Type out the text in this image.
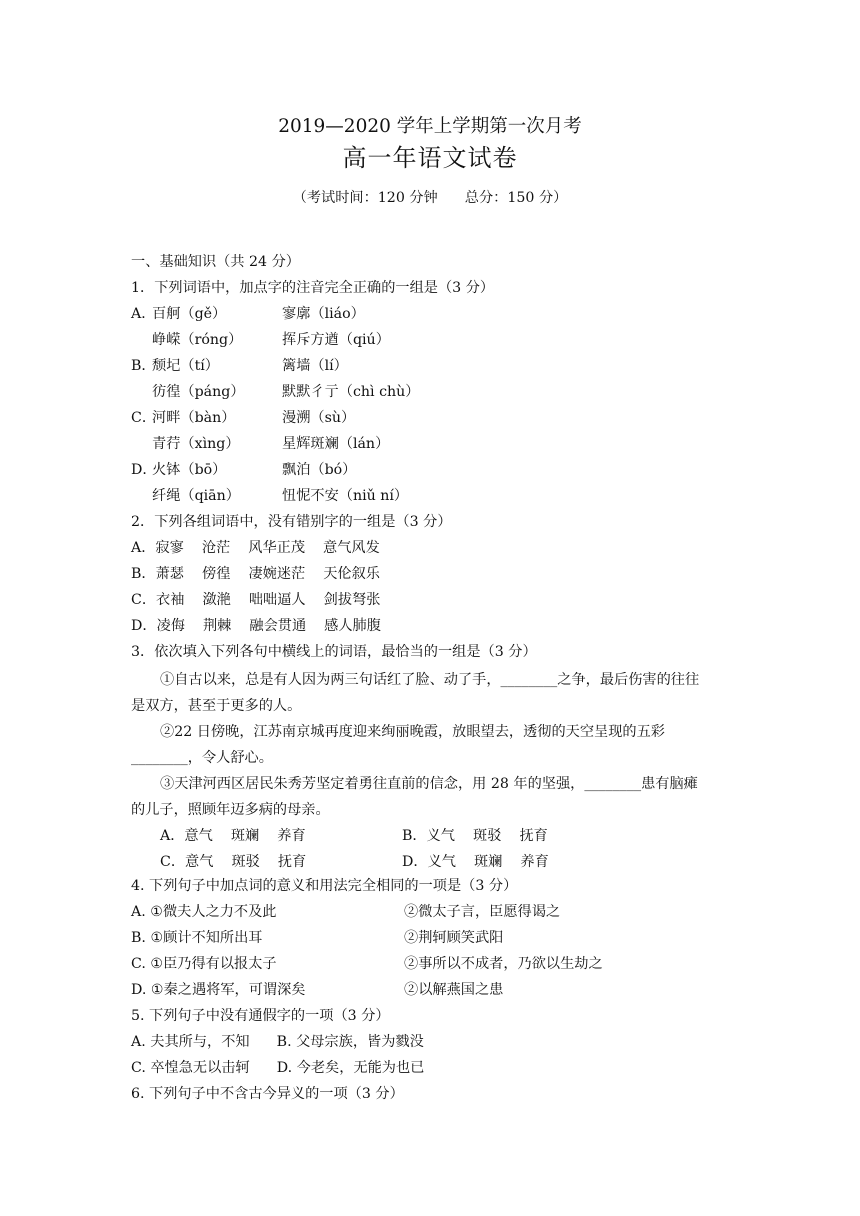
2019—2020 学年上学期第一次月考
高一年语文试卷
（考试时间：120 分钟      总分：150 分）
一、基础知识（共 24 分）
1．下列词语中，加点字的注音完全正确的一组是（3 分）
A．
百舸（gě）	寥廓（liáo）
峥嵘（róng）	挥斥方遒（qiú）
B．
颓圮（tí）	篱墙（lí）
彷徨（páng）	默默彳亍（chì chù）
C．
河畔（bàn）	漫溯（sù）
青荇（xìng）	星辉斑斓（lán）
D．
火钵（bō）	飘泊（bó）
纤绳（qiān）	忸怩不安（niǔ ní）
2．下列各组词语中，没有错别字的一组是（3 分）
A．寂寥    沧茫    风华正茂    意气风发
B．萧瑟    傍徨    凄婉迷茫    天伦叙乐
C．衣袖    潋滟    咄咄逼人    剑拔弩张
D．凌侮    荆棘    融会贯通    感人肺腹
3．依次填入下列各句中横线上的词语，最恰当的一组是（3 分）
①自古以来，总是有人因为两三句话红了脸、动了手，________之争，最后伤害的往往
是双方，甚至于更多的人。
②22 日傍晚，江苏南京城再度迎来绚丽晚霞，放眼望去，透彻的天空呈现的五彩
________，令人舒心。
③天津河西区居民朱秀芳坚定着勇往直前的信念，用 28 年的坚强，________患有脑瘫
的儿子，照顾年迈多病的母亲。
A．意气    斑斓    养育	B．义气    斑驳    抚育
C．意气    斑驳    抚育	D．义气    斑斓    养育
4. 下列句子中加点词的意义和用法完全相同的一项是（3 分）
A. ①微夫人之力不及此	②微太子言，臣愿得谒之
B. ①顾计不知所出耳	②荆轲顾笑武阳
C. ①臣乃得有以报太子	②事所以不成者，乃欲以生劫之
D. ①秦之遇将军，可谓深矣	②以解燕国之患
5. 下列句子中没有通假字的一项（3 分）
A. 夫其所与，不知      B. 父母宗族，皆为戮没
C. 卒惶急无以击轲      D. 今老矣，无能为也已
6. 下列句子中不含古今异义的一项（3 分）
